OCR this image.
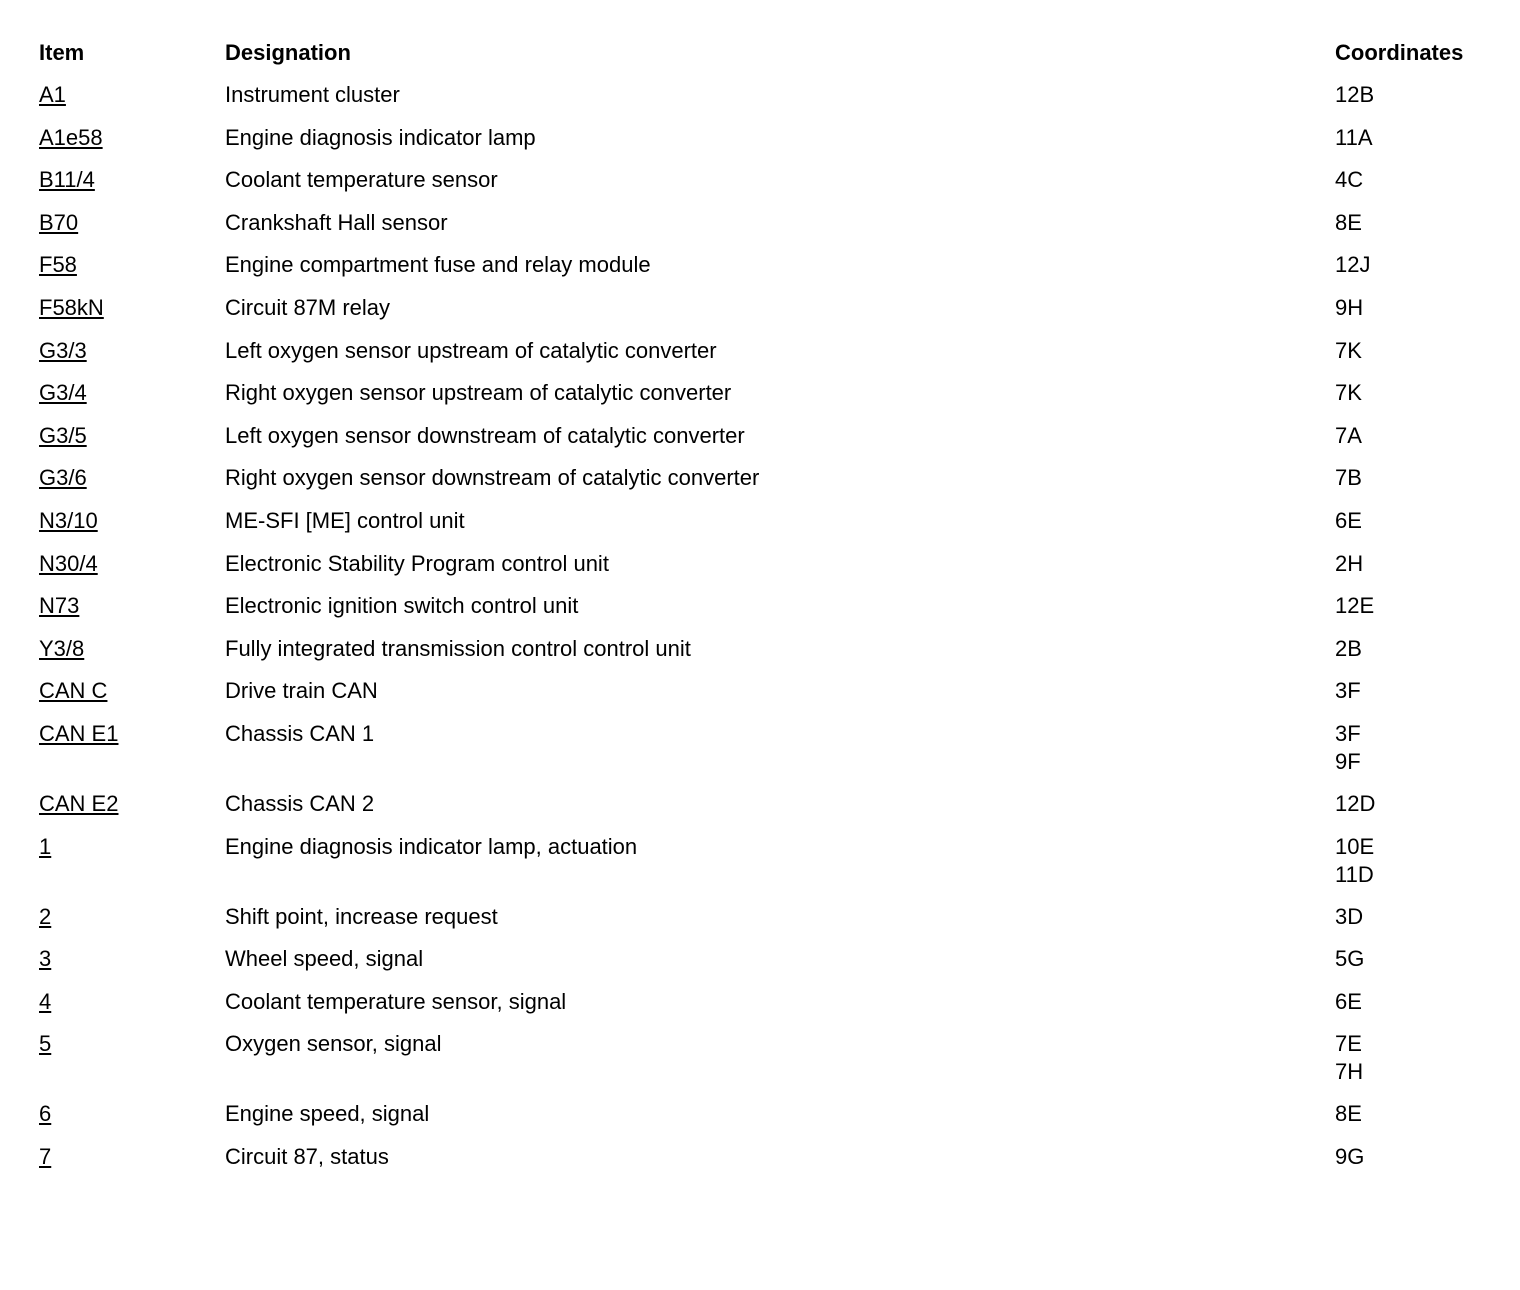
Item	Designation	Coordinates
A1	Instrument cluster	12B
A1e58	Engine diagnosis indicator lamp	11A
B11/4	Coolant temperature sensor	4C
B70	Crankshaft Hall sensor	8E
F58	Engine compartment fuse and relay module	12J
F58kN	Circuit 87M relay	9H
G3/3	Left oxygen sensor upstream of catalytic converter	7K
G3/4	Right oxygen sensor upstream of catalytic converter	7K
G3/5	Left oxygen sensor downstream of catalytic converter	7A
G3/6	Right oxygen sensor downstream of catalytic converter	7B
N3/10	ME-SFI [ME] control unit	6E
N30/4	Electronic Stability Program control unit	2H
N73	Electronic ignition switch control unit	12E
Y3/8	Fully integrated transmission control control unit	2B
CAN C	Drive train CAN	3F
CAN E1	Chassis CAN 1	3F
9F
CAN E2	Chassis CAN 2	12D
1	Engine diagnosis indicator lamp, actuation	10E
11D
2	Shift point, increase request	3D
3	Wheel speed, signal	5G
4	Coolant temperature sensor, signal	6E
5	Oxygen sensor, signal	7E
7H
6	Engine speed, signal	8E
7	Circuit 87, status	9G
